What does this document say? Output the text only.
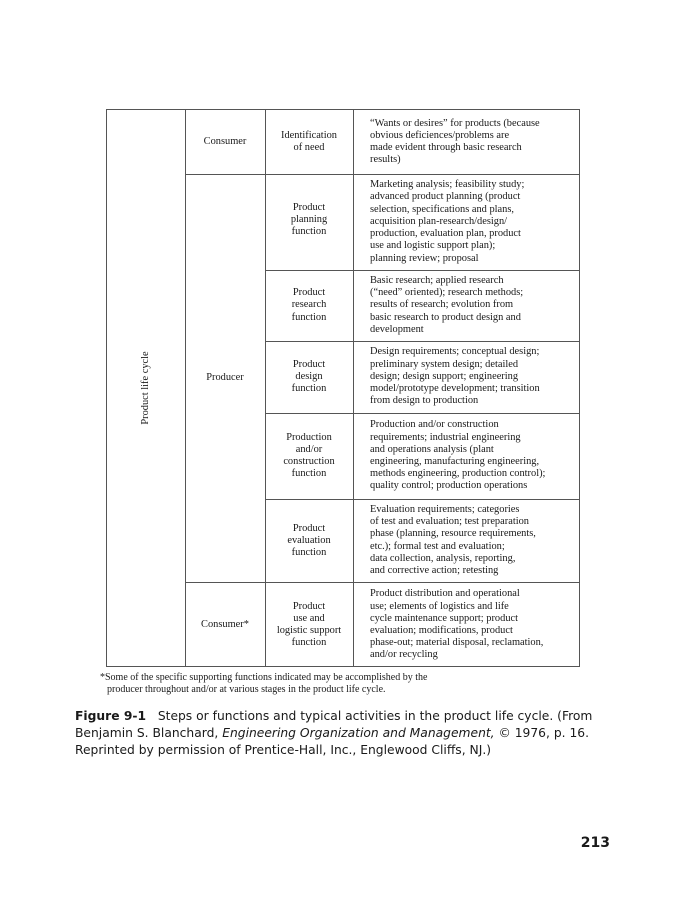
Product life cycle
Consumer
Producer
Consumer*
Identification
of need
Product
planning
function
Product
research
function
Product
design
function
Production
and/or
construction
function
Product
evaluation
function
Product
use and
logistic support
function
“Wants or desires” for products (because
obvious deficiences/problems are
made evident through basic research
results)
Marketing analysis; feasibility study;
advanced product planning (product
selection, specifications and plans,
acquisition plan-research/design/
production, evaluation plan, product
use and logistic support plan);
planning review; proposal
Basic research; applied research
(“need” oriented); research methods;
results of research; evolution from
basic research to product design and
development
Design requirements; conceptual design;
preliminary system design; detailed
design; design support; engineering
model/prototype development; transition
from design to production
Production and/or construction
requirements; industrial engineering
and operations analysis (plant
engineering, manufacturing engineering,
methods engineering, production control);
quality control; production operations
Evaluation requirements; categories
of test and evaluation; test preparation
phase (planning, resource requirements,
etc.); formal test and evaluation;
data collection, analysis, reporting,
and corrective action; retesting
Product distribution and operational
use; elements of logistics and life
cycle maintenance support; product
evaluation; modifications, product
phase-out; material disposal, reclamation,
and/or recycling
*Some of the specific supporting functions indicated may be accomplished by the
producer throughout and/or at various stages in the product life cycle.
Figure 9-1 Steps or functions and typical activities in the product life cycle. (From Benjamin S. Blanchard, Engineering Organization and Management, © 1976, p. 16. Reprinted by permission of Prentice-Hall, Inc., Englewood Cliffs, NJ.)
213
